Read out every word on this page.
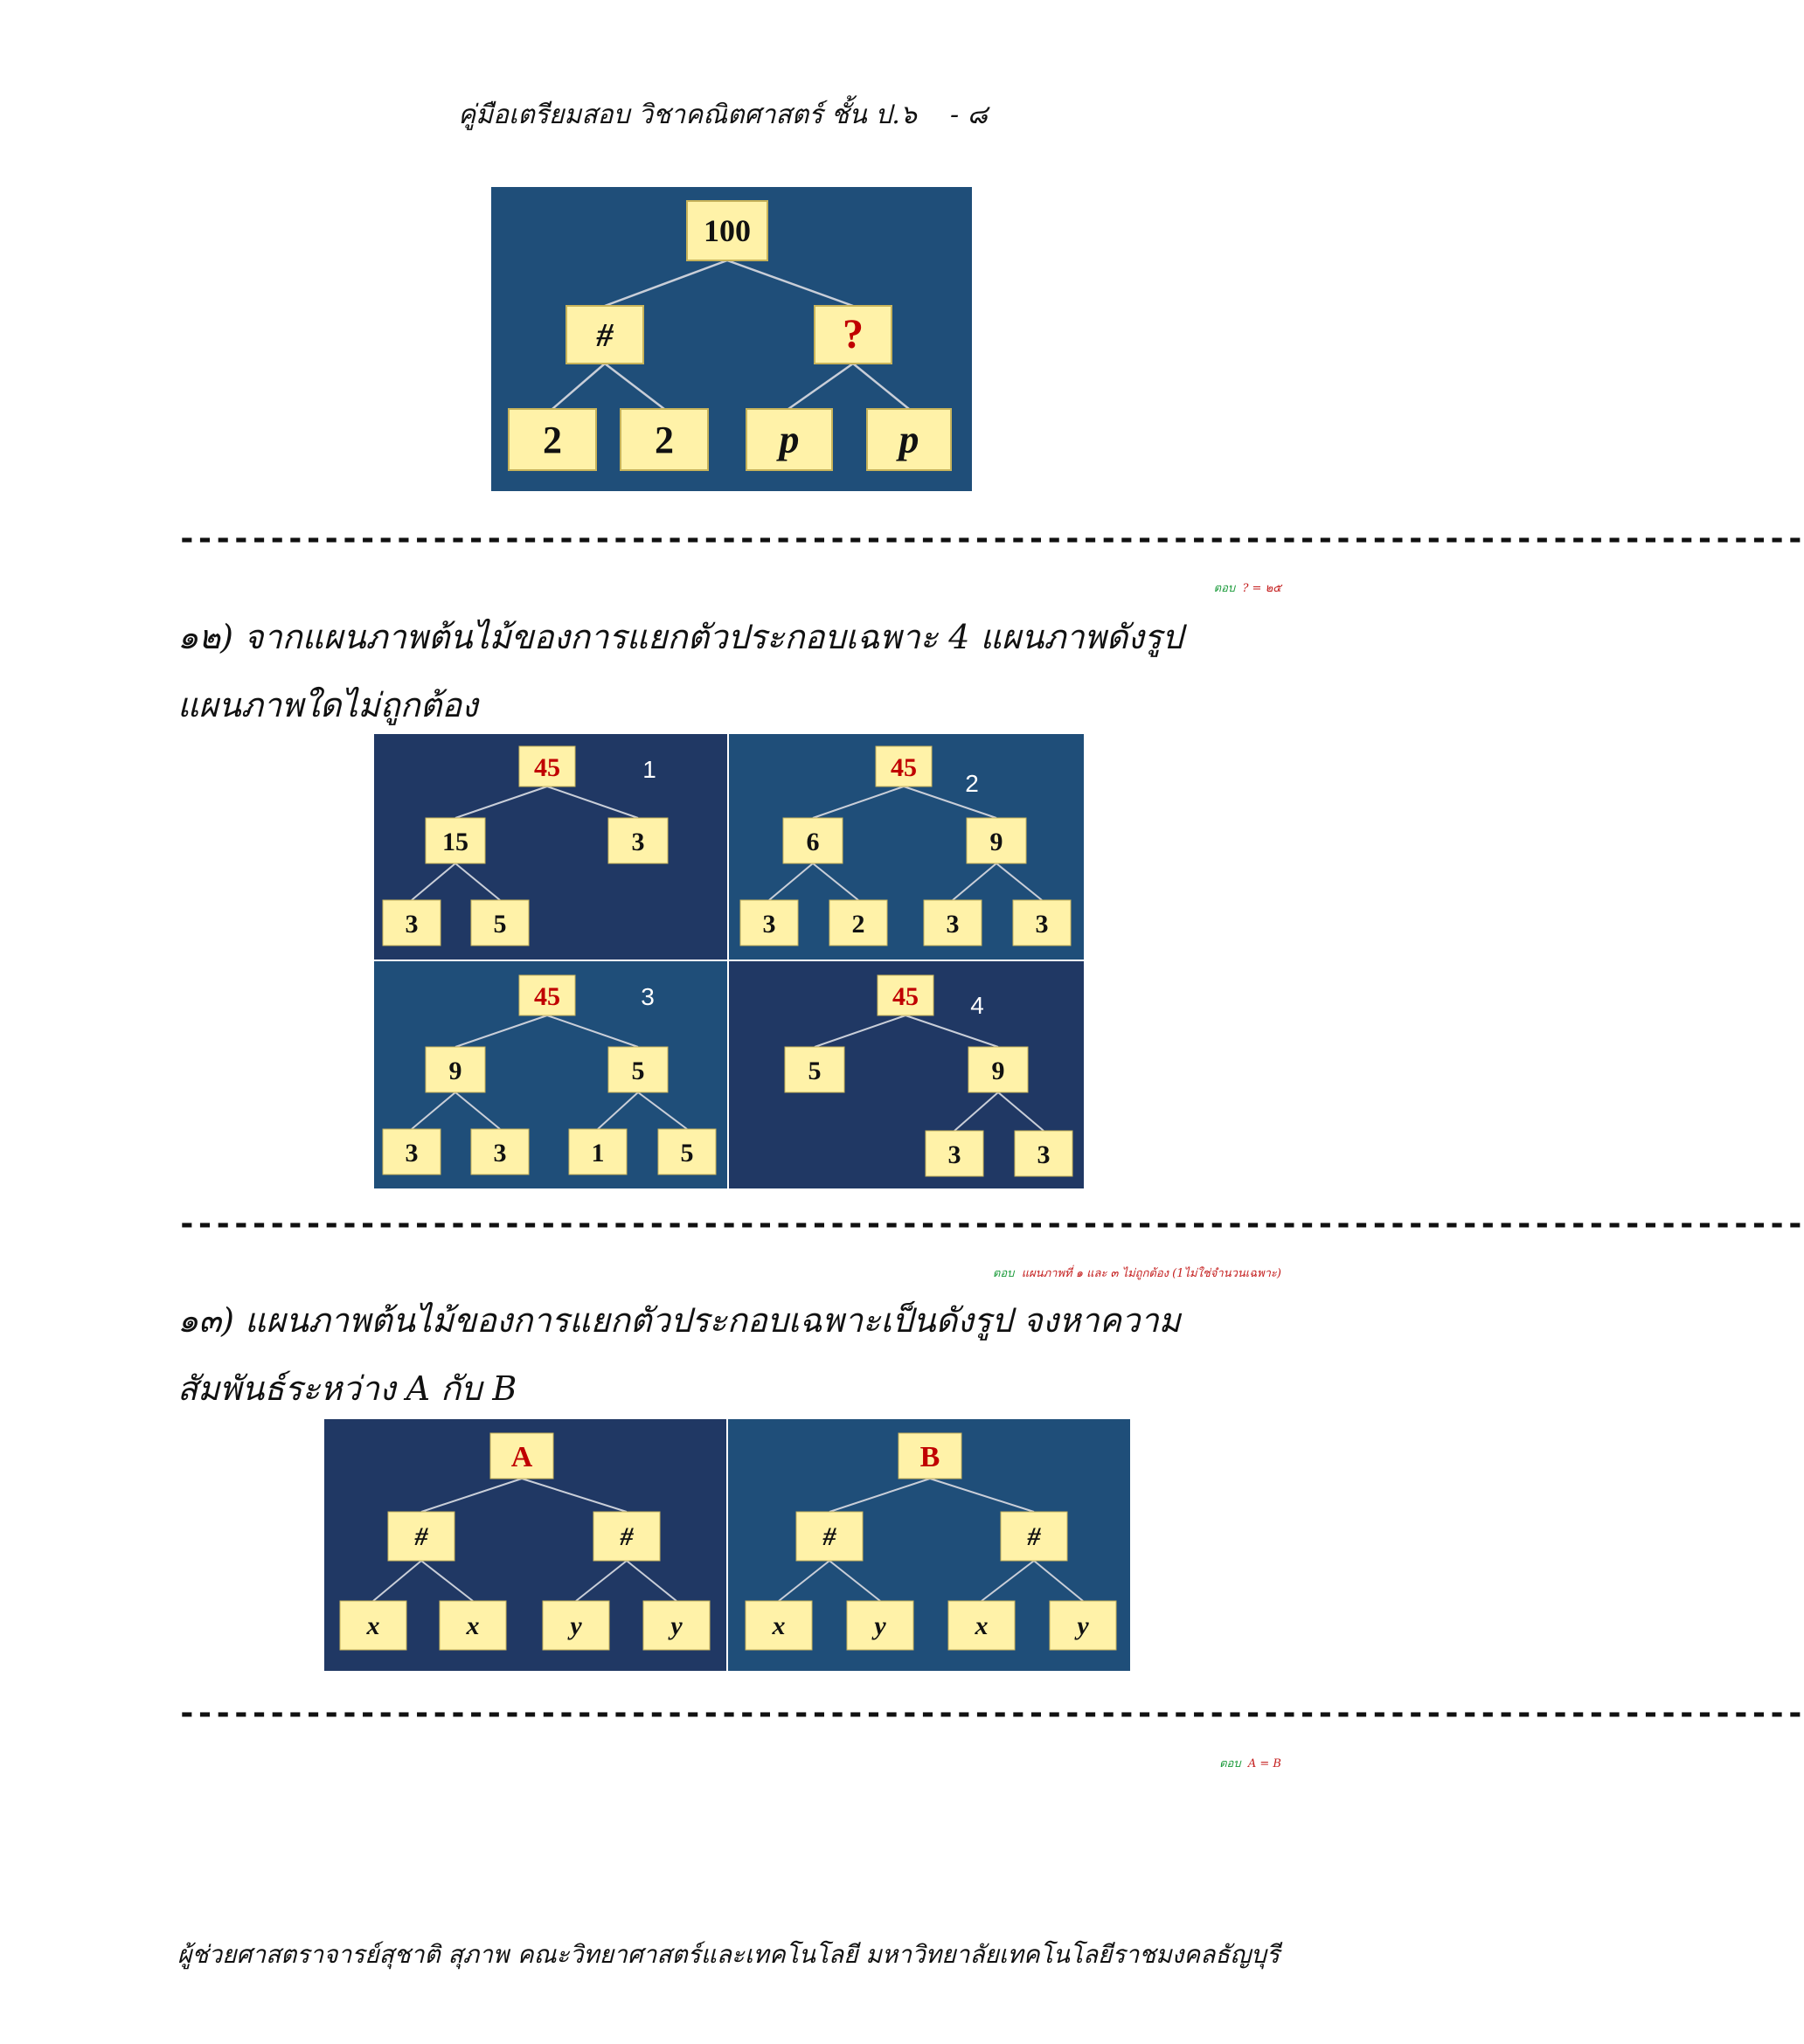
คู่มือเตรียมสอบ วิชาคณิตศาสตร์ ชั้น ป.๖ - ๘
100
#	?
2 2	p p
------------------------------------------------------------------------------------------
ตอบ ? = ๒๕
๑๒) จากแผนภาพต้นไม้ของการแยกตัวประกอบเฉพาะ 4 แผนภาพดังรูป แผนภาพใดไม่ถูกต้อง
45	1
15	3
3	5
45
2
6	9
3	2	3	3
45	3
9	5
3	3	1	5
45 4
5	9
3	3
------------------------------------------------------------------------------------------
ตอบ แผนภาพที่ ๑ และ ๓ ไม่ถูกต้อง (1ไม่ใช่จำนวนเฉพาะ)
๑๓) แผนภาพต้นไม้ของการแยกตัวประกอบเฉพาะเป็นดังรูป จงหาความสัมพันธ์ระหว่าง A กับ B
A
#	#
x	x	y	y
B
#	#
x	y	x	y
------------------------------------------------------------------------------------------
ตอบ A = B
ผู้ช่วยศาสตราจารย์สุชาติ สุภาพ คณะวิทยาศาสตร์และเทคโนโลยี มหาวิทยาลัยเทคโนโลยีราชมงคลธัญบุรี
